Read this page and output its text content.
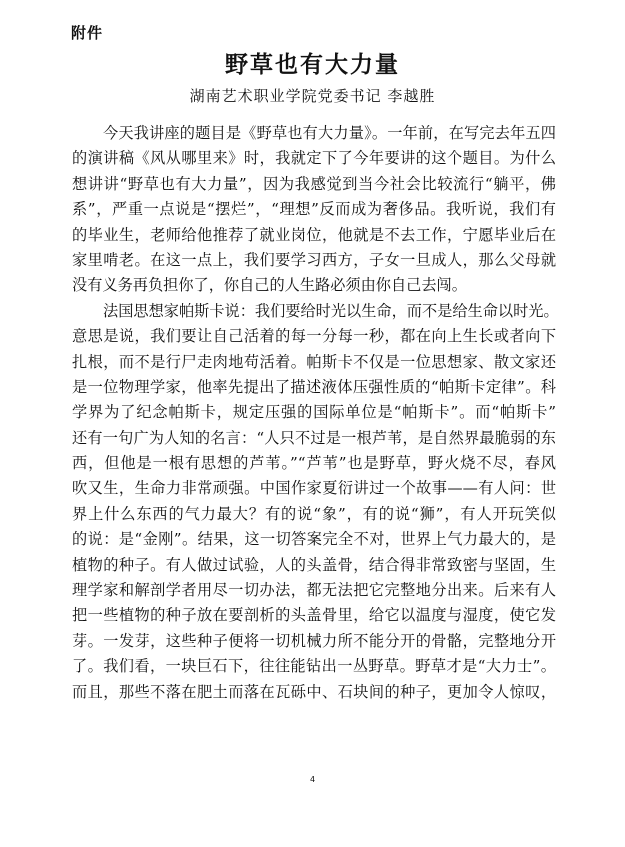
附件
野草也有大力量
湖南艺术职业学院党委书记 李越胜
今天我讲座的题目是《野草也有大力量》。一年前，在写完去年五四
的演讲稿《风从哪里来》时，我就定下了今年要讲的这个题目。为什么
想讲讲“野草也有大力量”，因为我感觉到当今社会比较流行“躺平，佛
系”，严重一点说是“摆烂”，“理想”反而成为奢侈品。我听说，我们有
的毕业生，老师给他推荐了就业岗位，他就是不去工作，宁愿毕业后在
家里啃老。在这一点上，我们要学习西方，子女一旦成人，那么父母就
没有义务再负担你了，你自己的人生路必须由你自己去闯。
法国思想家帕斯卡说：我们要给时光以生命，而不是给生命以时光。
意思是说，我们要让自己活着的每一分每一秒，都在向上生长或者向下
扎根，而不是行尸走肉地苟活着。帕斯卡不仅是一位思想家、散文家还
是一位物理学家，他率先提出了描述液体压强性质的“帕斯卡定律”。科
学界为了纪念帕斯卡，规定压强的国际单位是“帕斯卡”。而“帕斯卡”
还有一句广为人知的名言：“人只不过是一根芦苇，是自然界最脆弱的东
西，但他是一根有思想的芦苇。”“芦苇”也是野草，野火烧不尽，春风
吹又生，生命力非常顽强。中国作家夏衍讲过一个故事——有人问：世
界上什么东西的气力最大？有的说“象”，有的说“狮”，有人开玩笑似
的说：是“金刚”。结果，这一切答案完全不对，世界上气力最大的，是
植物的种子。有人做过试验，人的头盖骨，结合得非常致密与坚固，生
理学家和解剖学者用尽一切办法，都无法把它完整地分出来。后来有人
把一些植物的种子放在要剖析的头盖骨里，给它以温度与湿度，使它发
芽。一发芽，这些种子便将一切机械力所不能分开的骨骼，完整地分开
了。我们看，一块巨石下，往往能钻出一丛野草。野草才是“大力士”。
而且，那些不落在肥土而落在瓦砾中、石块间的种子，更加令人惊叹，
4
